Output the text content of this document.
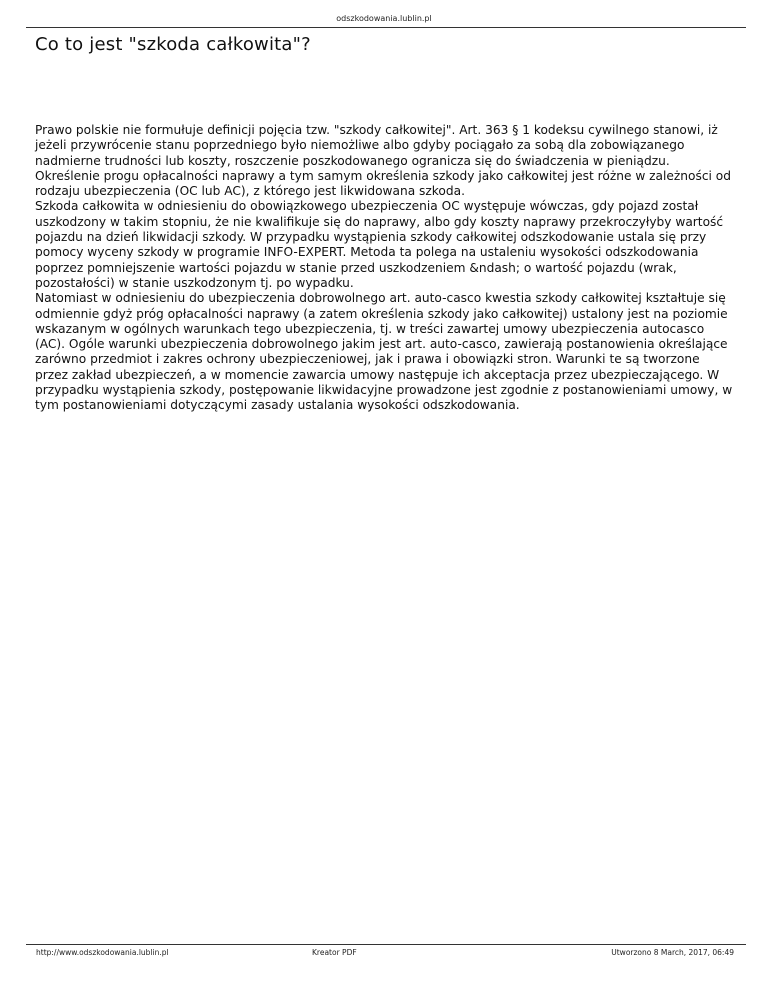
odszkodowania.lublin.pl
Co to jest "szkoda całkowita"?
Prawo polskie nie formułuje definicji pojęcia tzw. "szkody całkowitej". Art. 363 § 1 kodeksu cywilnego stanowi, iż jeżeli przywrócenie stanu poprzedniego było niemożliwe albo gdyby pociągało za sobą dla zobowiązanego nadmierne trudności lub koszty, roszczenie poszkodowanego ogranicza się do świadczenia w pieniądzu. Określenie progu opłacalności naprawy a tym samym określenia szkody jako całkowitej jest różne w zależności od rodzaju ubezpieczenia (OC lub AC), z którego jest likwidowana szkoda.
Szkoda całkowita w odniesieniu do obowiązkowego ubezpieczenia OC występuje wówczas, gdy pojazd został uszkodzony w takim stopniu, że nie kwalifikuje się do naprawy, albo gdy koszty naprawy przekroczyłyby wartość pojazdu na dzień likwidacji szkody. W przypadku wystąpienia szkody całkowitej odszkodowanie ustala się przy pomocy wyceny szkody w programie INFO-EXPERT. Metoda ta polega na ustaleniu wysokości odszkodowania poprzez pomniejszenie wartości pojazdu w stanie przed uszkodzeniem &ndash; o wartość pojazdu (wrak, pozostałości) w stanie uszkodzonym tj. po wypadku.
Natomiast w odniesieniu do ubezpieczenia dobrowolnego art. auto-casco kwestia szkody całkowitej kształtuje się odmiennie gdyż próg opłacalności naprawy (a zatem określenia szkody jako całkowitej) ustalony jest na poziomie wskazanym w ogólnych warunkach tego ubezpieczenia, tj. w treści zawartej umowy ubezpieczenia autocasco (AC). Ogóle warunki ubezpieczenia dobrowolnego jakim jest art. auto-casco, zawierają postanowienia określające zarówno przedmiot i zakres ochrony ubezpieczeniowej, jak i prawa i obowiązki stron. Warunki te są tworzone przez zakład ubezpieczeń, a w momencie zawarcia umowy następuje ich akceptacja przez ubezpieczającego. W przypadku wystąpienia szkody, postępowanie likwidacyjne prowadzone jest zgodnie z postanowieniami umowy, w tym postanowieniami dotyczącymi zasady ustalania wysokości odszkodowania.
http://www.odszkodowania.lublin.pl	Kreator PDF	Utworzono 8 March, 2017, 06:49
